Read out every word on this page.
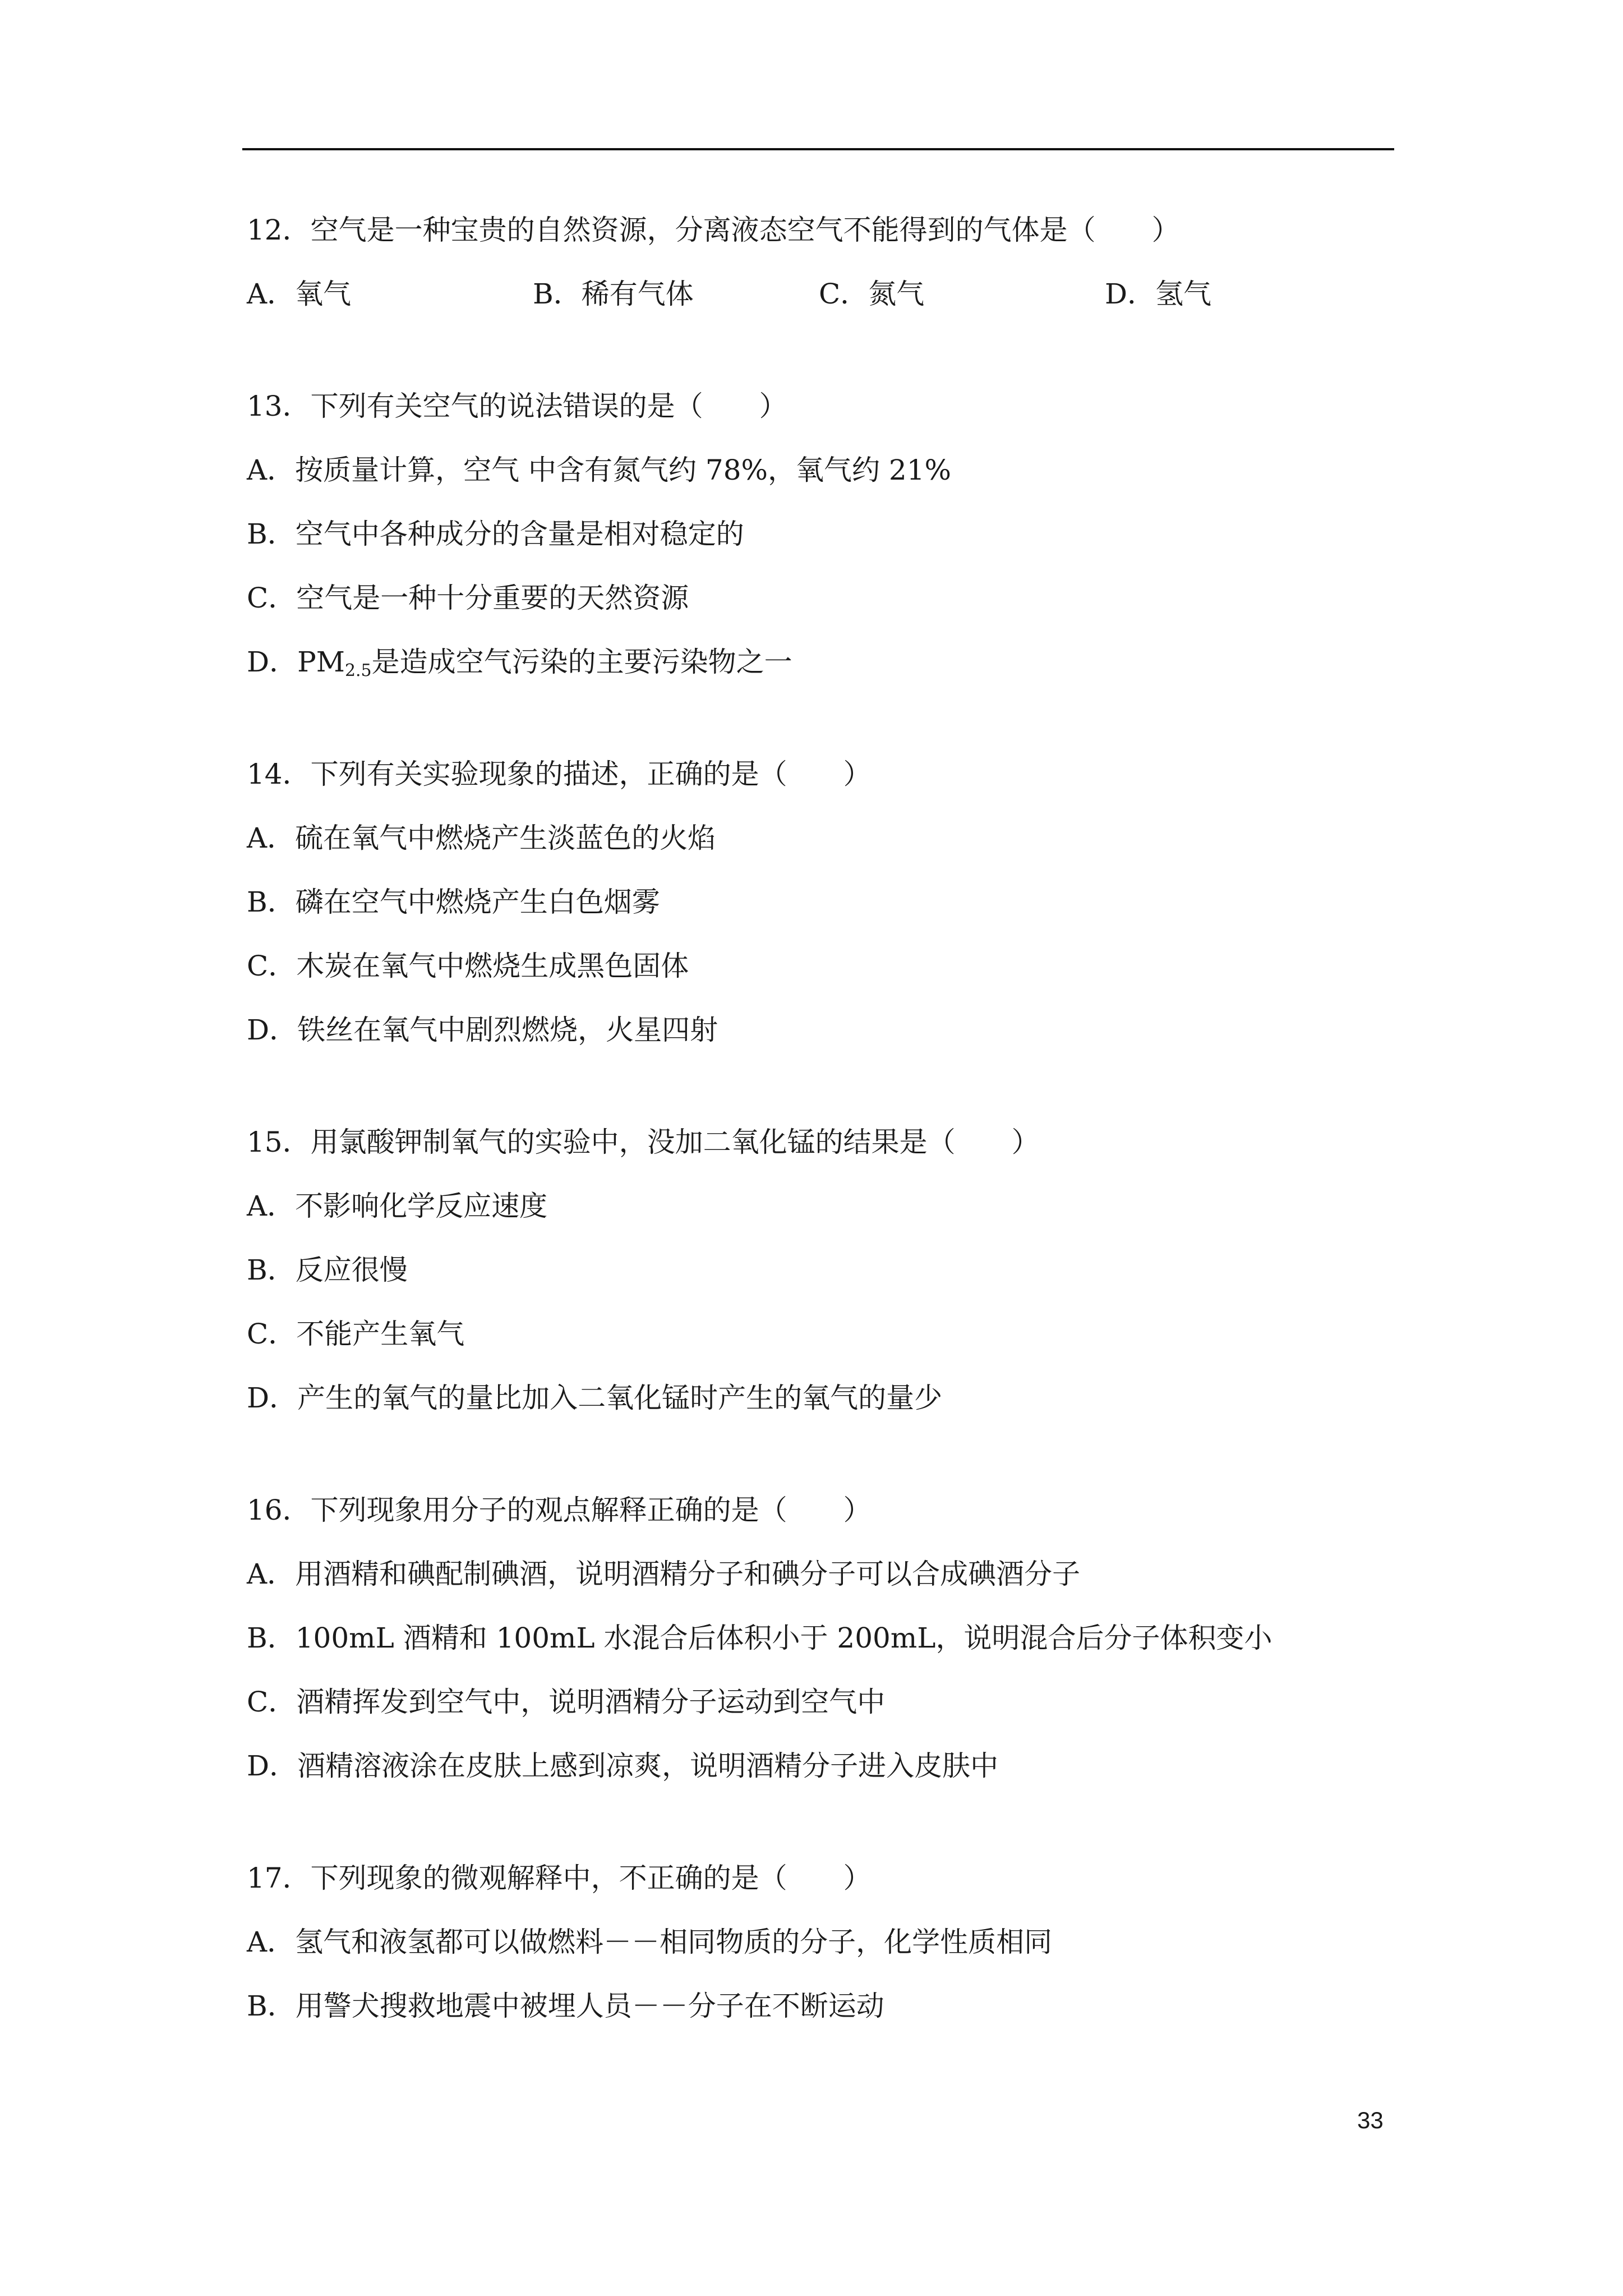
12．空气是一种宝贵的自然资源，分离液态空气不能得到的气体是（　　）
A．氧气	B．稀有气体	C．氮气	D．氢气
13．下列有关空气的说法错误的是（　　）
A．按质量计算，空气 中含有氮气约 78%，氧气约 21%
B．空气中各种成分的含量是相对稳定的
C．空气是一种十分重要的天然资源
D．$PM_{2.5}$是造成空气污染的主要污染物之一
14．下列有关实验现象的描述，正确的是（　　）
A．硫在氧气中燃烧产生淡蓝色的火焰
B．磷在空气中燃烧产生白色烟雾
C．木炭在氧气中燃烧生成黑色固体
D．铁丝在氧气中剧烈燃烧，火星四射
15．用氯酸钾制氧气的实验中，没加二氧化锰的结果是（　　）
A．不影响化学反应速度
B．反应很慢
C．不能产生氧气
D．产生的氧气的量比加入二氧化锰时产生的氧气的量少
16．下列现象用分子的观点解释正确的是（　　）
A．用酒精和碘配制碘酒，说明酒精分子和碘分子可以合成碘酒分子
B．100mL 酒精和 100mL 水混合后体积小于 200mL，说明混合后分子体积变小
C．酒精挥发到空气中，说明酒精分子运动到空气中
D．酒精溶液涂在皮肤上感到凉爽，说明酒精分子进入皮肤中
17．下列现象的微观解释中，不正确的是（　　）
A．氢气和液氢都可以做燃料－－相同物质的分子，化学性质相同
B．用警犬搜救地震中被埋人员－－分子在不断运动
33
